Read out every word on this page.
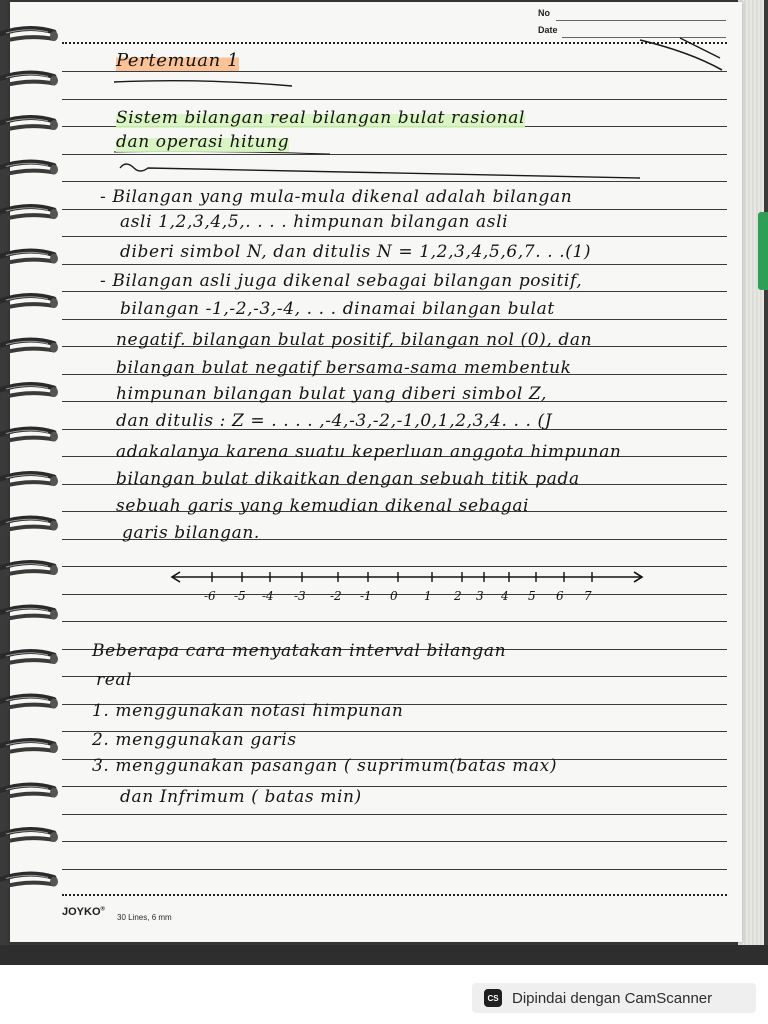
No
Date
Pertemuan 1
Sistem bilangan real bilangan bulat rasional
dan operasi hitung
- Bilangan yang mula-mula dikenal adalah bilangan
asli 1,2,3,4,5,. . . . himpunan bilangan asli
diberi simbol N, dan ditulis N = 1,2,3,4,5,6,7. . .(1)
- Bilangan asli juga dikenal sebagai bilangan positif,
bilangan -1,-2,-3,-4, . . . dinamai bilangan bulat
negatif. bilangan bulat positif, bilangan nol (0), dan
bilangan bulat negatif bersama-sama membentuk
himpunan bilangan bulat yang diberi simbol Z,
dan ditulis : Z = . . . . ,-4,-3,-2,-1,0,1,2,3,4. . . (J
adakalanya karena suatu keperluan anggota himpunan
bilangan bulat dikaitkan dengan sebuah titik pada
sebuah garis yang kemudian dikenal sebagai
garis bilangan.
-6 -5 -4 -3 -2 -1 0 1 2 3 4 5 6 7
Beberapa cara menyatakan interval bilangan
real
1. menggunakan notasi himpunan
2. menggunakan garis
3. menggunakan pasangan ( suprimum(batas max)
dan Infrimum ( batas min)
JOYKO®
30 Lines, 6 mm
CS Dipindai dengan CamScanner
